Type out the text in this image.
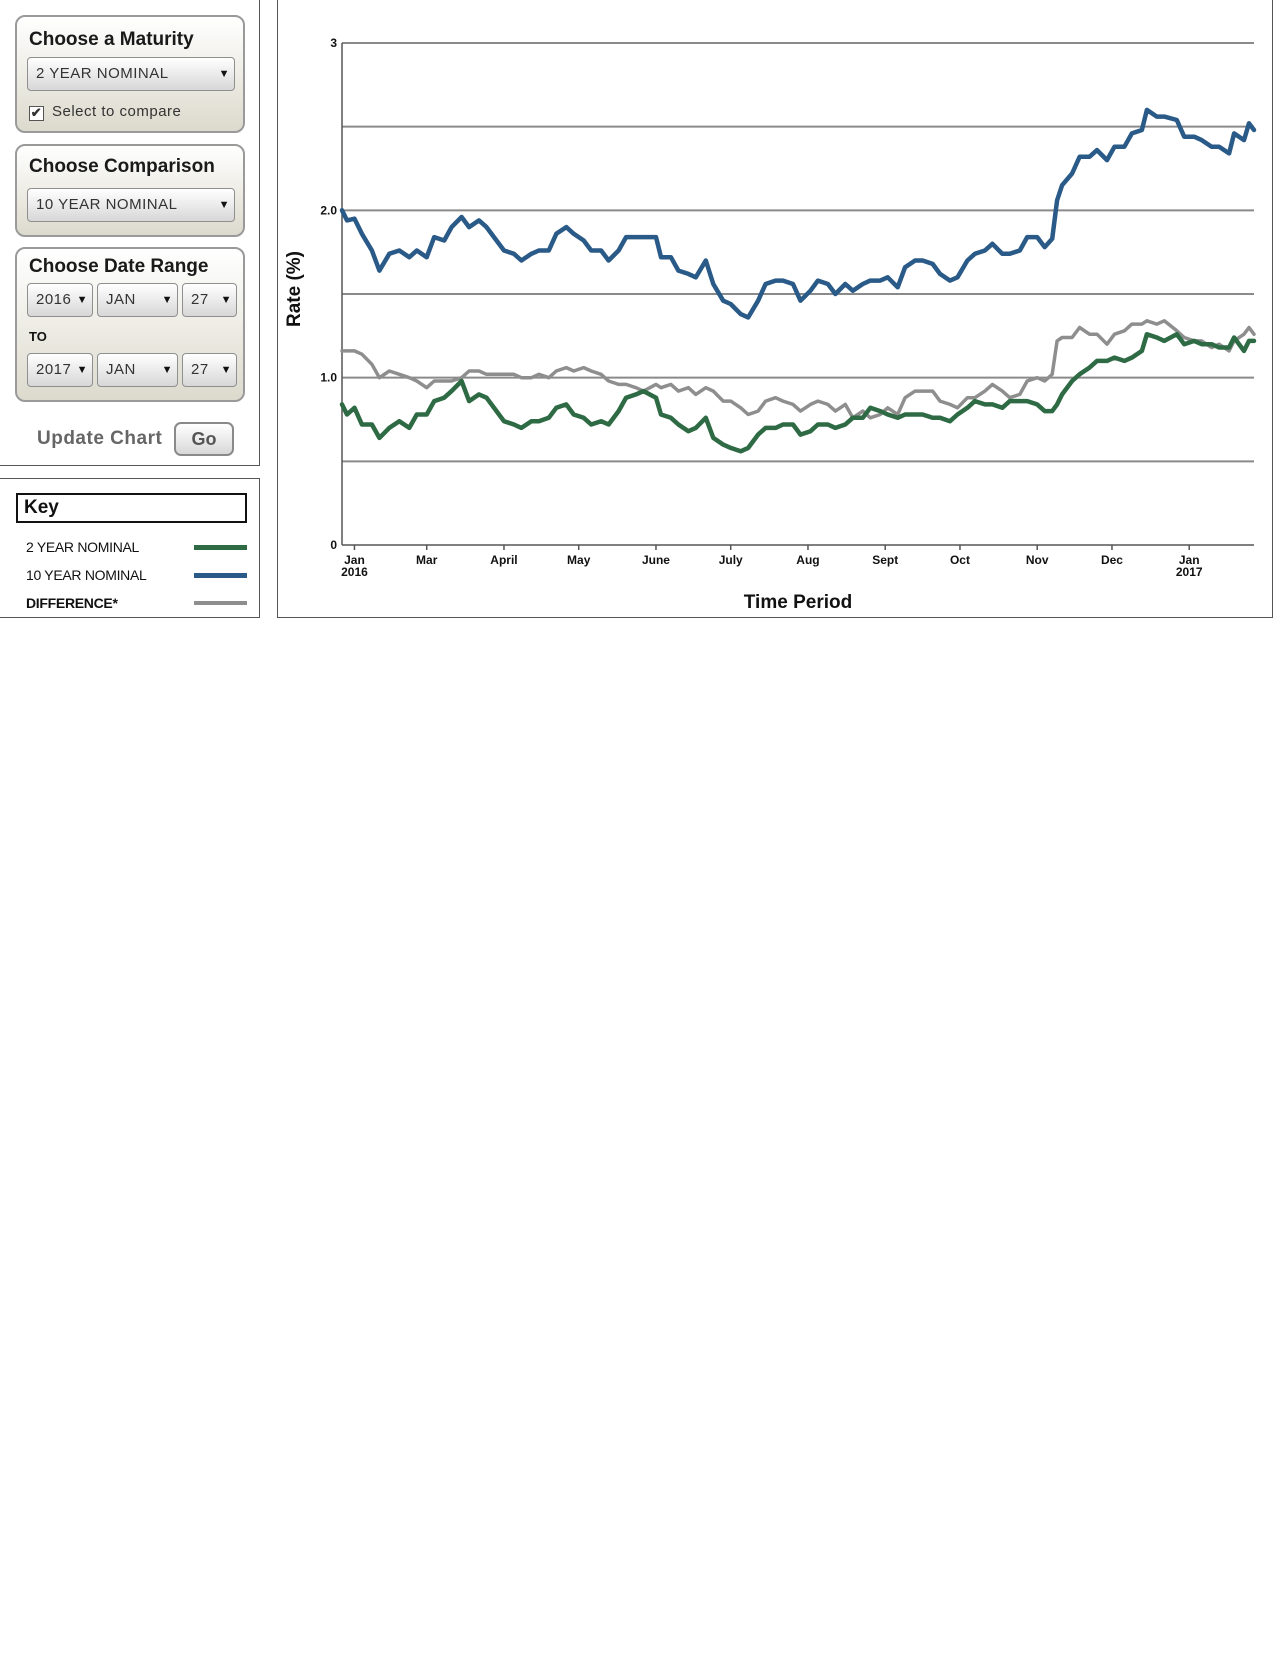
Choose a Maturity
2 YEAR NOMINAL	▼
✔ Select to compare
Choose Comparison
10 YEAR NOMINAL	▼
Choose Date Range
2016 ▼	JAN ▼	27 ▼
TO
2017 ▼	JAN ▼	27 ▼
Update Chart	Go
Key
2 YEAR NOMINAL
10 YEAR NOMINAL
DIFFERENCE*
0
1.0
2.0
3
Jan
2016
Mar	April	May	June	July	Aug	Sept	Oct	Nov	Dec	Jan
2017
Time Period
Rate (%)
